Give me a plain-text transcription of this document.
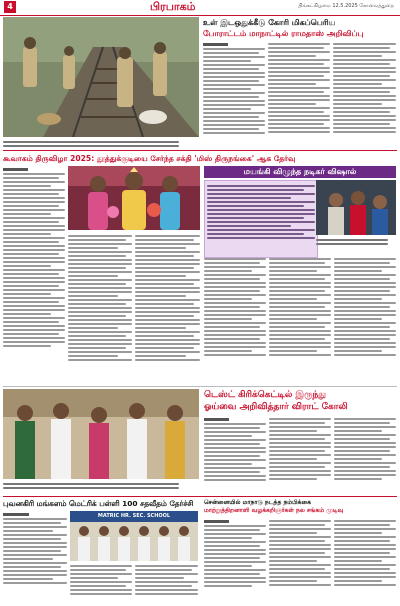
4	பிரபாகம்	திங்கட்கிழமை 12.5.2025 கோவைத்துறை
உள் இடஒதுக்கீடு கோரி மிகப்பெரிய
போராட்டம் மாநாட்டில் ராமதாஸ் அறிவிப்பு
கூவாகம் திருவிழா 2025: தூத்துக்குடியை சேர்ந்த சக்தி 'மிஸ் திருநங்கை' ஆக தேர்வு
மயங்கி விழுந்த நடிகர் விஷால்
டெஸ்ட் கிரிக்கெட்டில் இருந்து
ஓய்வை அறிவித்தார் விராட் கோலி
புவனகிரி மங்களம் மெட்ரிக் பள்ளி 100 சதவீதம் தேர்ச்சி
MATRIC HR. SEC. SCHOOL
சென்னையில் மாநாடு நடத்த நம்பிக்கை
மாற்றுத்திறனாளி வழக்கறிஞர்கள் நல சங்கம் முடிவு
